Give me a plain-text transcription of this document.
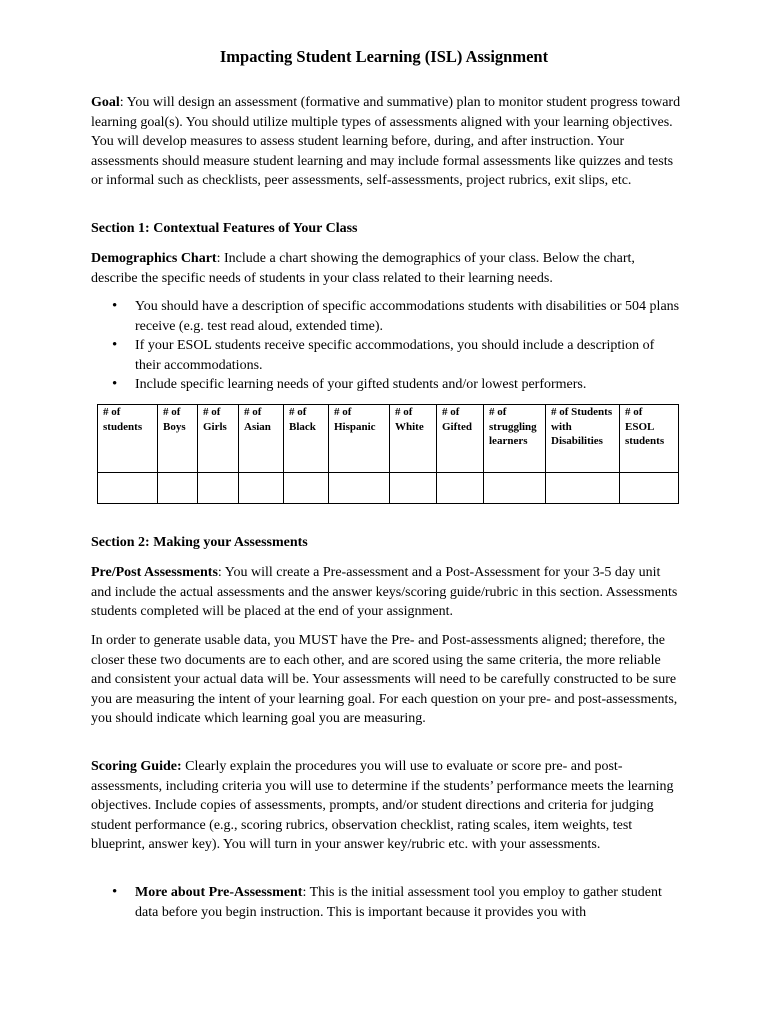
Impacting Student Learning (ISL) Assignment

Goal: You will design an assessment (formative and summative) plan to monitor student progress toward learning goal(s). You should utilize multiple types of assessments aligned with your learning objectives. You will develop measures to assess student learning before, during, and after instruction. Your assessments should measure student learning and may include formal assessments like quizzes and tests or informal such as checklists, peer assessments, self-assessments, project rubrics, exit slips, etc.

Section 1: Contextual Features of Your Class

Demographics Chart: Include a chart showing the demographics of your class. Below the chart, describe the specific needs of students in your class related to their learning needs.

• You should have a description of specific accommodations students with disabilities or 504 plans receive (e.g. test read aloud, extended time).
• If your ESOL students receive specific accommodations, you should include a description of their accommodations.
• Include specific learning needs of your gifted students and/or lowest performers.
# of students	# of Boys	# of Girls	# of Asian	# of Black	# of Hispanic	# of White	# of Gifted	# of struggling learners	# of Students with Disabilities	# of ESOL students

Section 2: Making your Assessments

Pre/Post Assessments: You will create a Pre-assessment and a Post-Assessment for your 3-5 day unit and include the actual assessments and the answer keys/scoring guide/rubric in this section. Assessments students completed will be placed at the end of your assignment.

In order to generate usable data, you MUST have the Pre- and Post-assessments aligned; therefore, the closer these two documents are to each other, and are scored using the same criteria, the more reliable and consistent your actual data will be. Your assessments will need to be carefully constructed to be sure you are measuring the intent of your learning goal. For each question on your pre- and post-assessments, you should indicate which learning goal you are measuring.

Scoring Guide: Clearly explain the procedures you will use to evaluate or score pre- and post-assessments, including criteria you will use to determine if the students’ performance meets the learning objectives. Include copies of assessments, prompts, and/or student directions and criteria for judging student performance (e.g., scoring rubrics, observation checklist, rating scales, item weights, test blueprint, answer key). You will turn in your answer key/rubric etc. with your assessments.

• More about Pre-Assessment: This is the initial assessment tool you employ to gather student data before you begin instruction. This is important because it provides you with
